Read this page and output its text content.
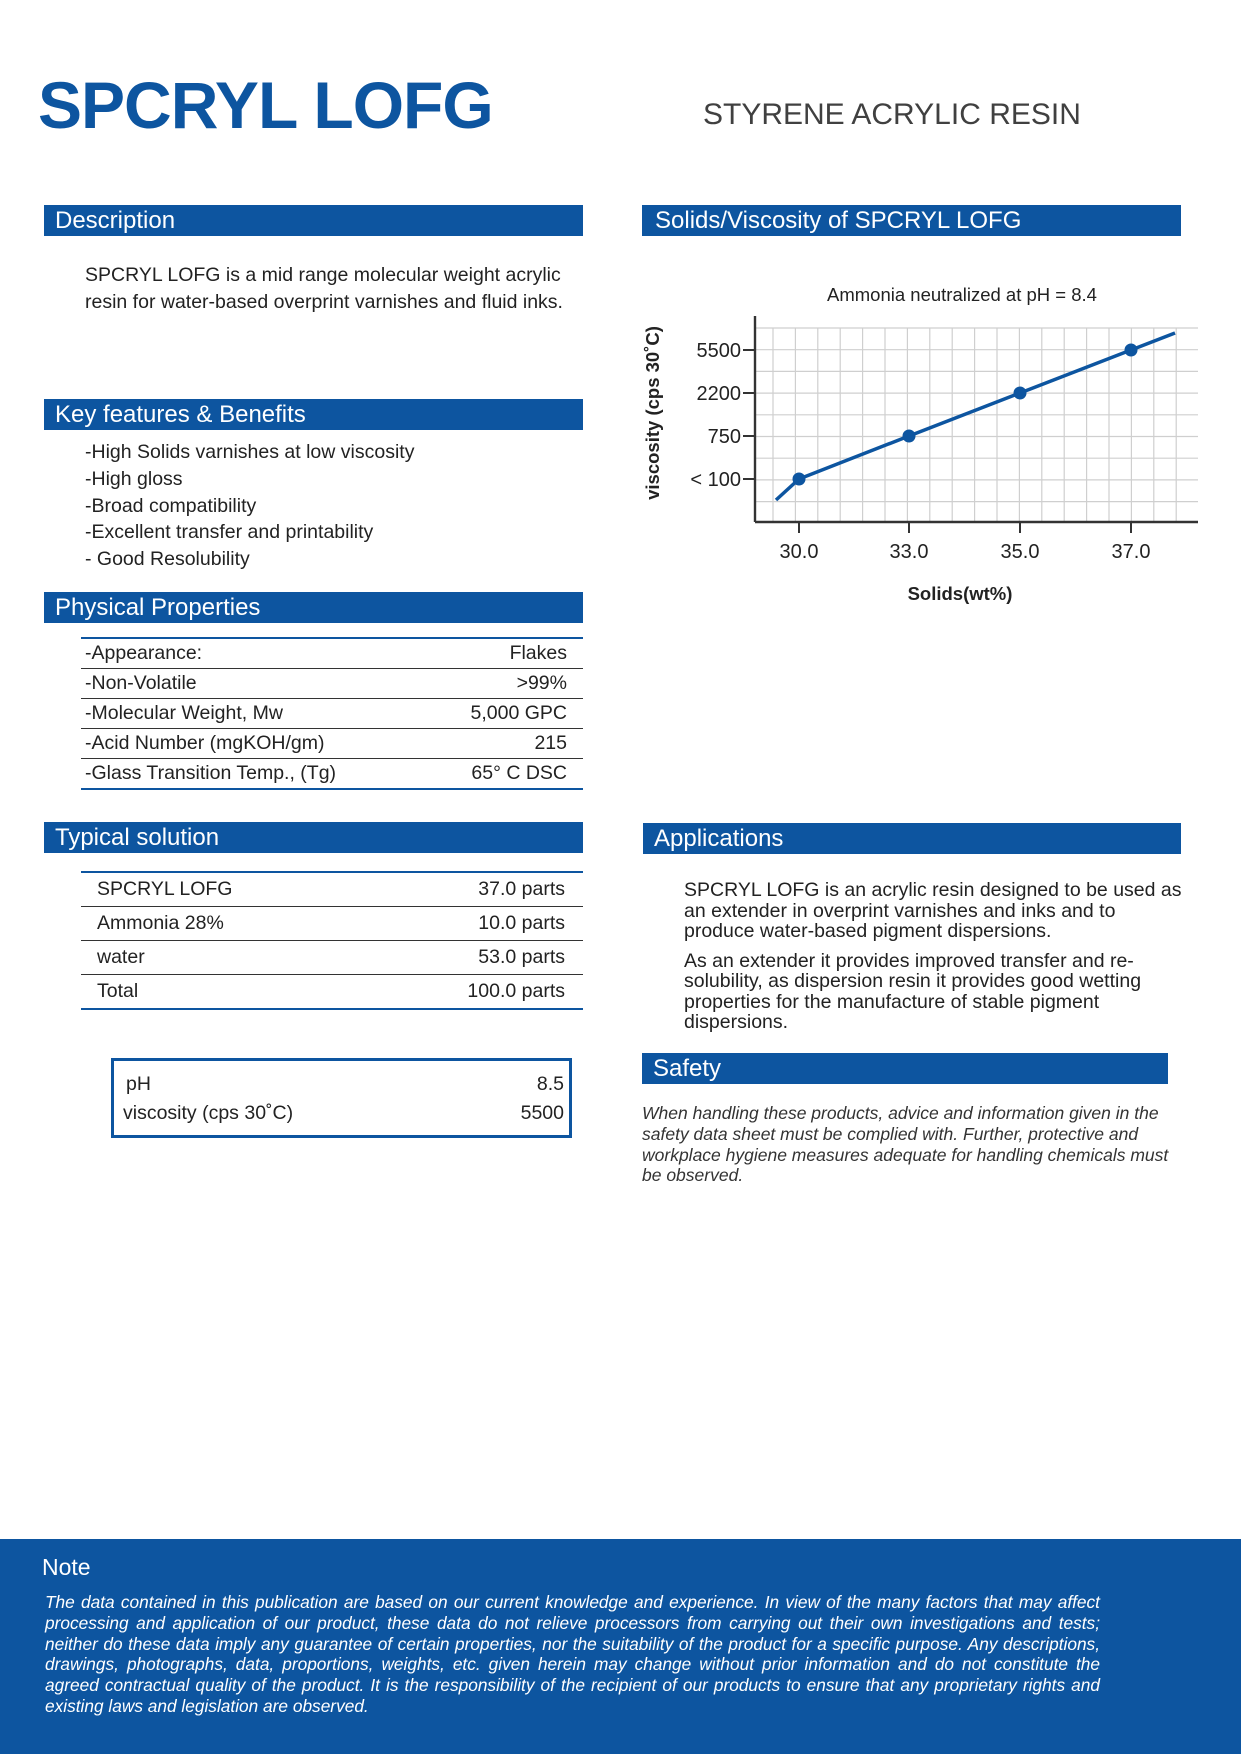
SPCRYL LOFG	STYRENE ACRYLIC RESIN
Description
SPCRYL LOFG is a mid range molecular weight acrylic resin for water-based overprint varnishes and fluid inks.
Key features & Benefits
-High Solids varnishes at low viscosity
-High gloss
-Broad compatibility
-Excellent transfer and printability
- Good Resolubility
Physical Properties
-Appearance:	Flakes
-Non-Volatile	>99%
-Molecular Weight, Mw	5,000 GPC
-Acid Number (mgKOH/gm)	215
-Glass Transition Temp., (Tg)	65° C DSC
Typical solution
SPCRYL LOFG	37.0 parts
Ammonia 28%	10.0 parts
water	53.0 parts
Total	100.0 parts
pH	8.5
viscosity (cps 30˚C)	5500
Solids/Viscosity of SPCRYL LOFG
Ammonia neutralized at pH = 8.4
< 100
750
2200
5500
30.0	33.0	35.0	37.0
Solids(wt%)
viscosity (cps 30˚C)
Applications
SPCRYL LOFG is an acrylic resin designed to be used as an extender in overprint varnishes and inks and to produce water-based pigment dispersions.
As an extender it provides improved transfer and re-solubility, as dispersion resin it provides good wetting properties for the manufacture of stable pigment dispersions.
Safety
When handling these products, advice and information given in the safety data sheet must be complied with. Further, protective and workplace hygiene measures adequate for handling chemicals must be observed.
Note
The data contained in this publication are based on our current knowledge and experience. In view of the many factors that may affect processing and application of our product, these data do not relieve processors from carrying out their own investigations and tests; neither do these data imply any guarantee of certain properties, nor the suitability of the product for a specific purpose. Any descriptions, drawings, photographs, data, proportions, weights, etc. given herein may change without prior information and do not constitute the agreed contractual quality of the product. It is the responsibility of the recipient of our products to ensure that any proprietary rights and existing laws and legislation are observed.
